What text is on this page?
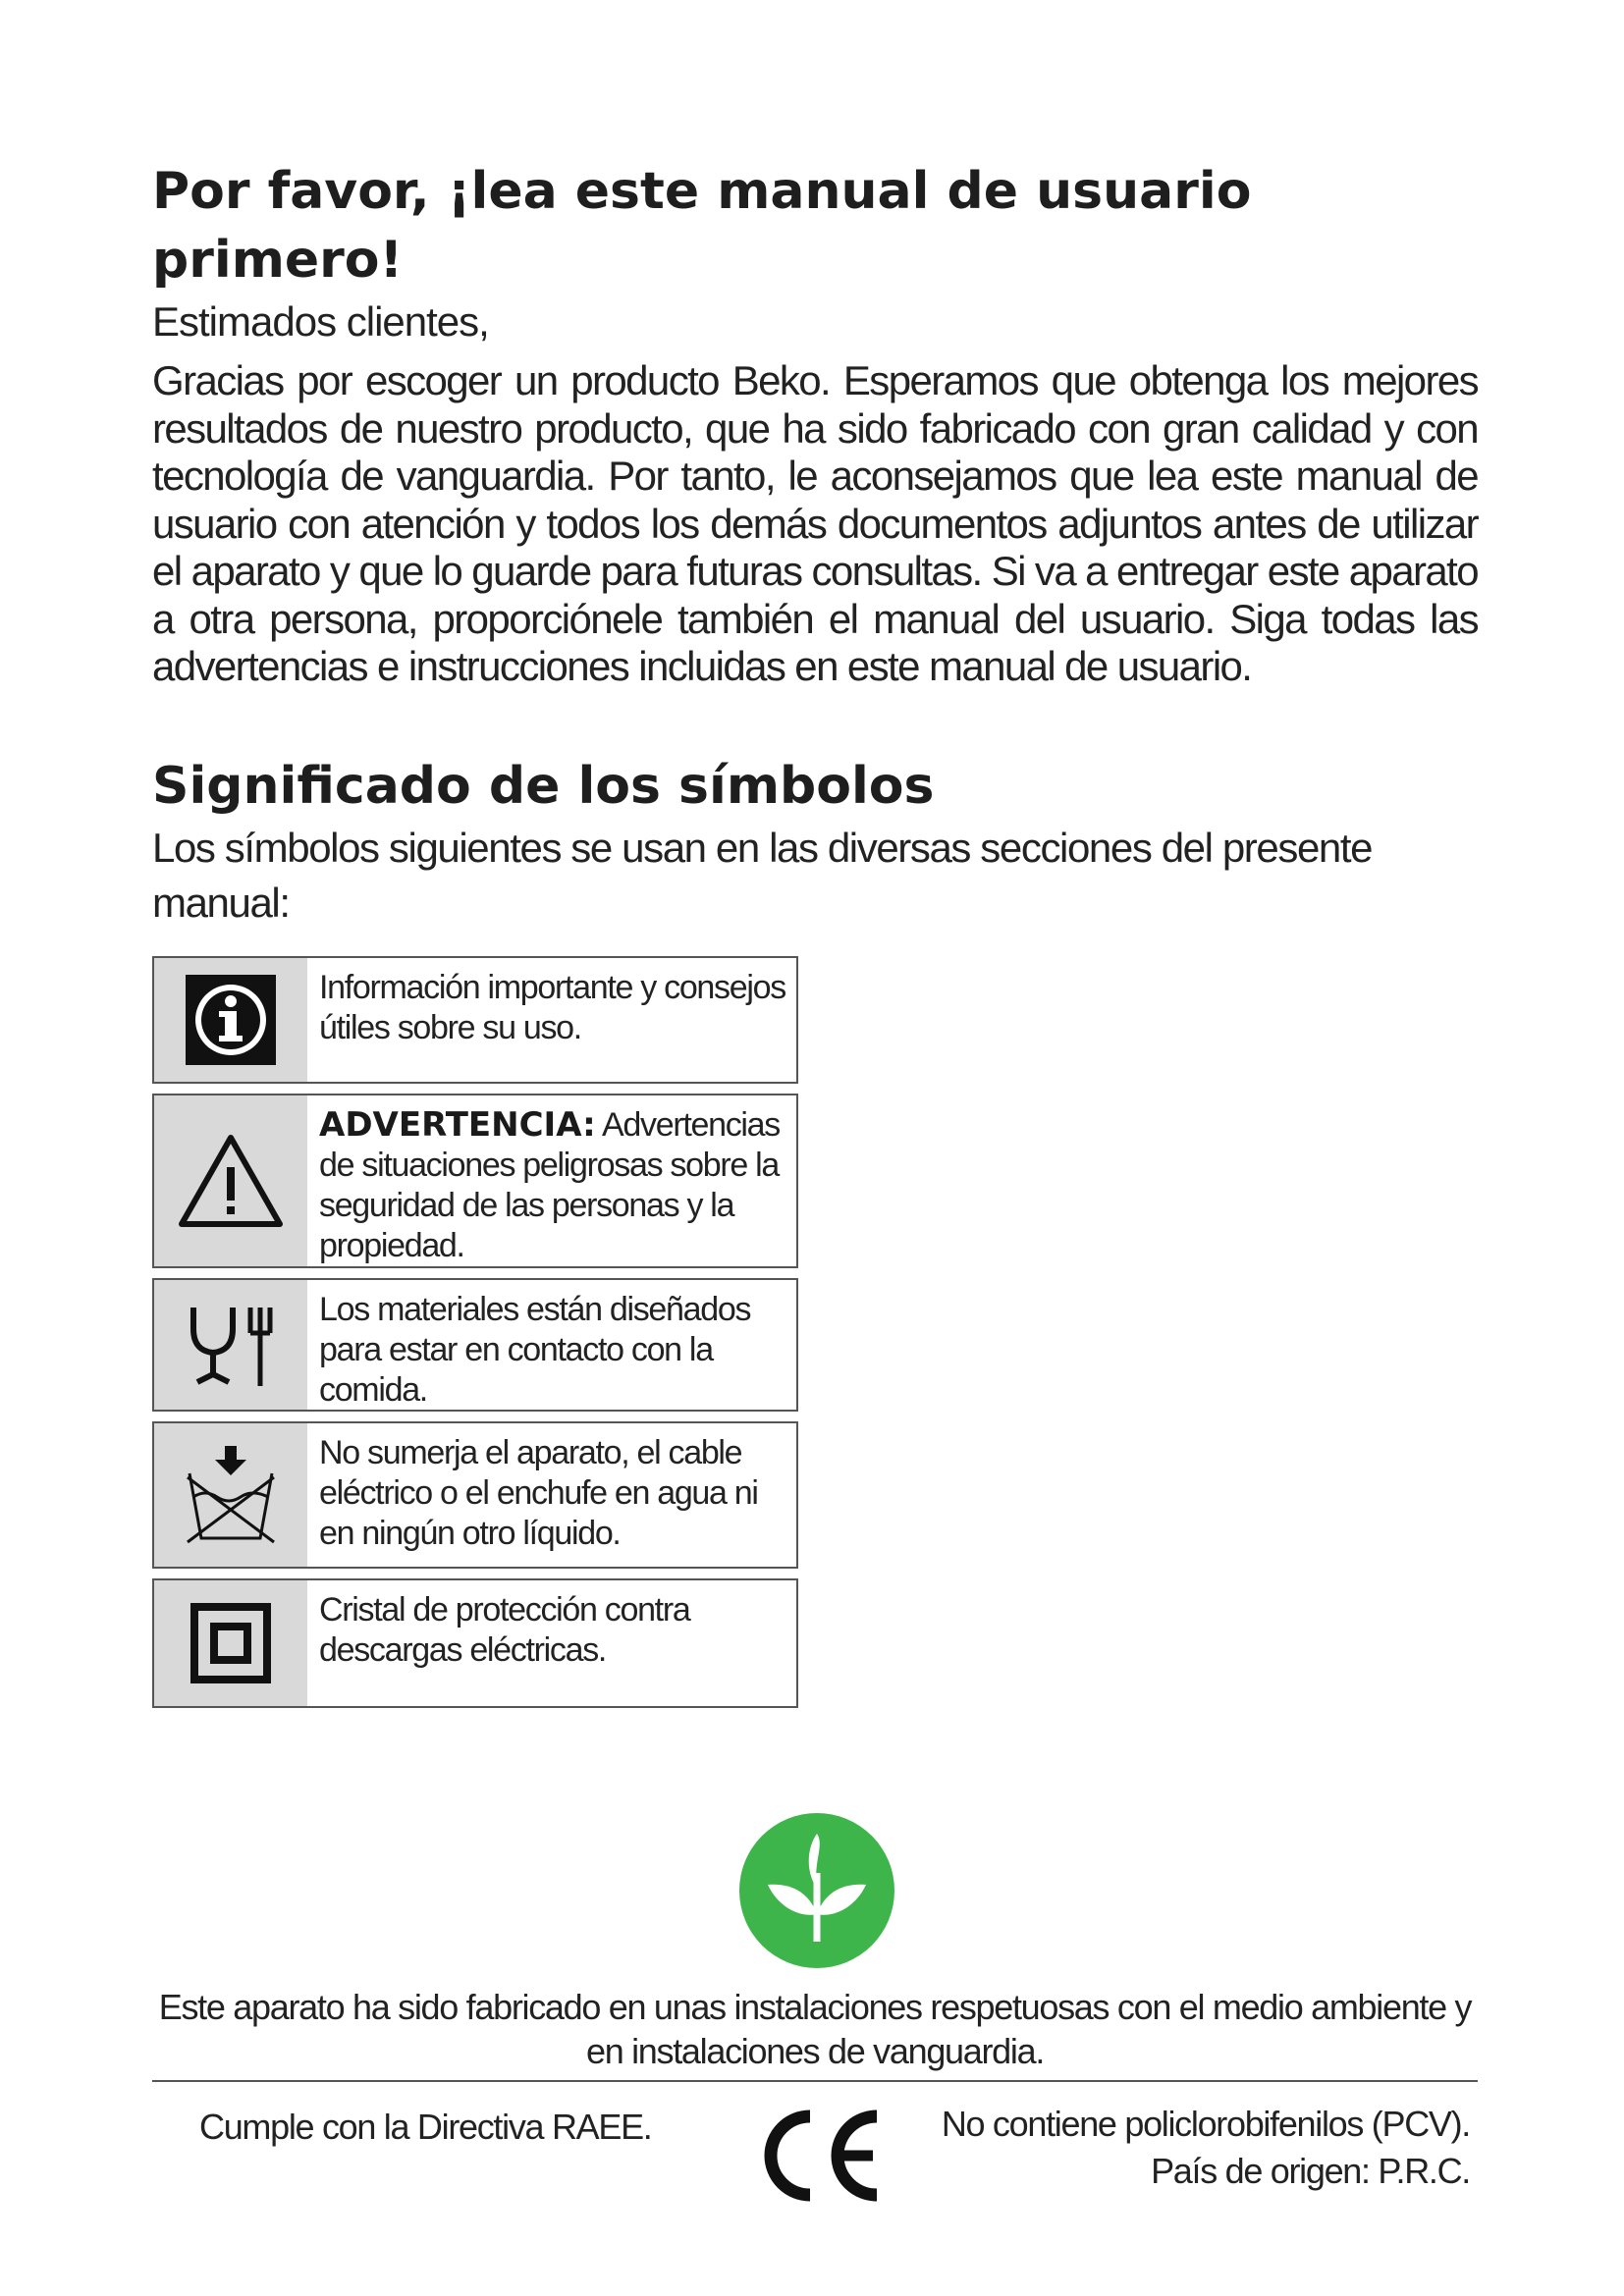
Por favor, ¡lea este manual de usuario primero!

Estimados clientes,

Gracias por escoger un producto Beko. Esperamos que obtenga los mejores resultados de nuestro producto, que ha sido fabricado con gran calidad y con tecnología de vanguardia. Por tanto, le aconsejamos que lea este manual de usuario con atención y todos los demás documentos adjuntos antes de utilizar el aparato y que lo guarde para futuras consultas. Si va a entregar este aparato a otra persona, proporciónele también el manual del usuario. Siga todas las advertencias e instrucciones incluidas en este manual de usuario.

Significado de los símbolos

Los símbolos siguientes se usan en las diversas secciones del presente manual:

Información importante y consejos útiles sobre su uso.
ADVERTENCIA: Advertencias de situaciones peligrosas sobre la seguridad de las personas y la propiedad.
Los materiales están diseñados para estar en contacto con la comida.
No sumerja el aparato, el cable eléctrico o el enchufe en agua ni en ningún otro líquido.
Cristal de protección contra descargas eléctricas.
Este aparato ha sido fabricado en unas instalaciones respetuosas con el medio ambiente y en instalaciones de vanguardia.
Cumple con la Directiva RAEE.	No contiene policlorobifenilos (PCV).
País de origen: P.R.C.
